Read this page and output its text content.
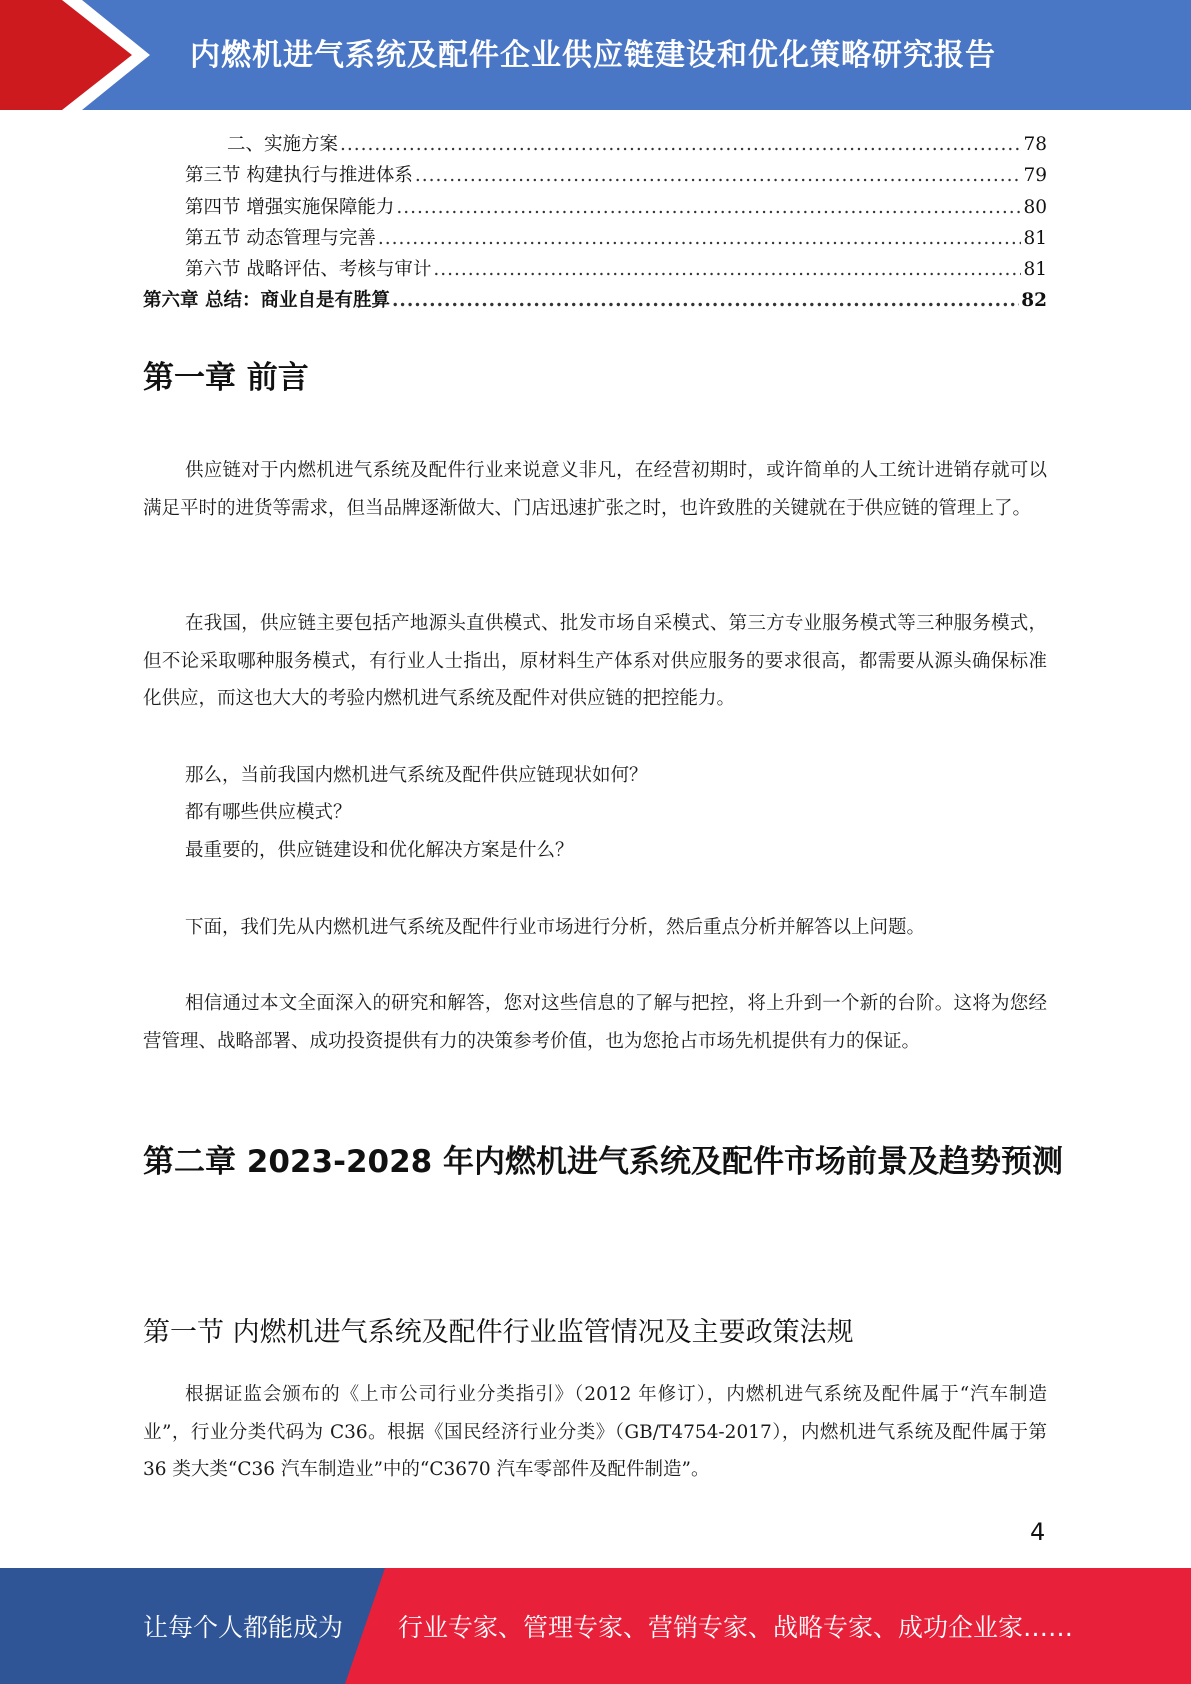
内燃机进气系统及配件企业供应链建设和优化策略研究报告
二、实施方案 .....	78
第三节 构建执行与推进体系 .....	79
第四节 增强实施保障能力 .....	80
第五节 动态管理与完善 .....	81
第六节 战略评估、考核与审计 .....	81
第六章 总结：商业自是有胜算 .....	82
第一章 前言

供应链对于内燃机进气系统及配件行业来说意义非凡，在经营初期时，或许简单的人工统计进销存就可以满足平时的进货等需求，但当品牌逐渐做大、门店迅速扩张之时，也许致胜的关键就在于供应链的管理上了。

在我国，供应链主要包括产地源头直供模式、批发市场自采模式、第三方专业服务模式等三种服务模式，但不论采取哪种服务模式，有行业人士指出，原材料生产体系对供应服务的要求很高，都需要从源头确保标准化供应，而这也大大的考验内燃机进气系统及配件对供应链的把控能力。

那么，当前我国内燃机进气系统及配件供应链现状如何？

都有哪些供应模式？

最重要的，供应链建设和优化解决方案是什么？

下面，我们先从内燃机进气系统及配件行业市场进行分析，然后重点分析并解答以上问题。

相信通过本文全面深入的研究和解答，您对这些信息的了解与把控，将上升到一个新的台阶。这将为您经营管理、战略部署、成功投资提供有力的决策参考价值，也为您抢占市场先机提供有力的保证。

第二章 2023-2028 年内燃机进气系统及配件市场前景及趋势预测
第一节 内燃机进气系统及配件行业监管情况及主要政策法规

根据证监会颁布的《上市公司行业分类指引》（2012 年修订），内燃机进气系统及配件属于“汽车制造业”，行业分类代码为 C36。根据《国民经济行业分类》（GB/T4754-2017），内燃机进气系统及配件属于第 36 类大类“C36 汽车制造业”中的“C3670 汽车零部件及配件制造”。

4
让每个人都能成为 行业专家、管理专家、营销专家、战略专家、成功企业家……
